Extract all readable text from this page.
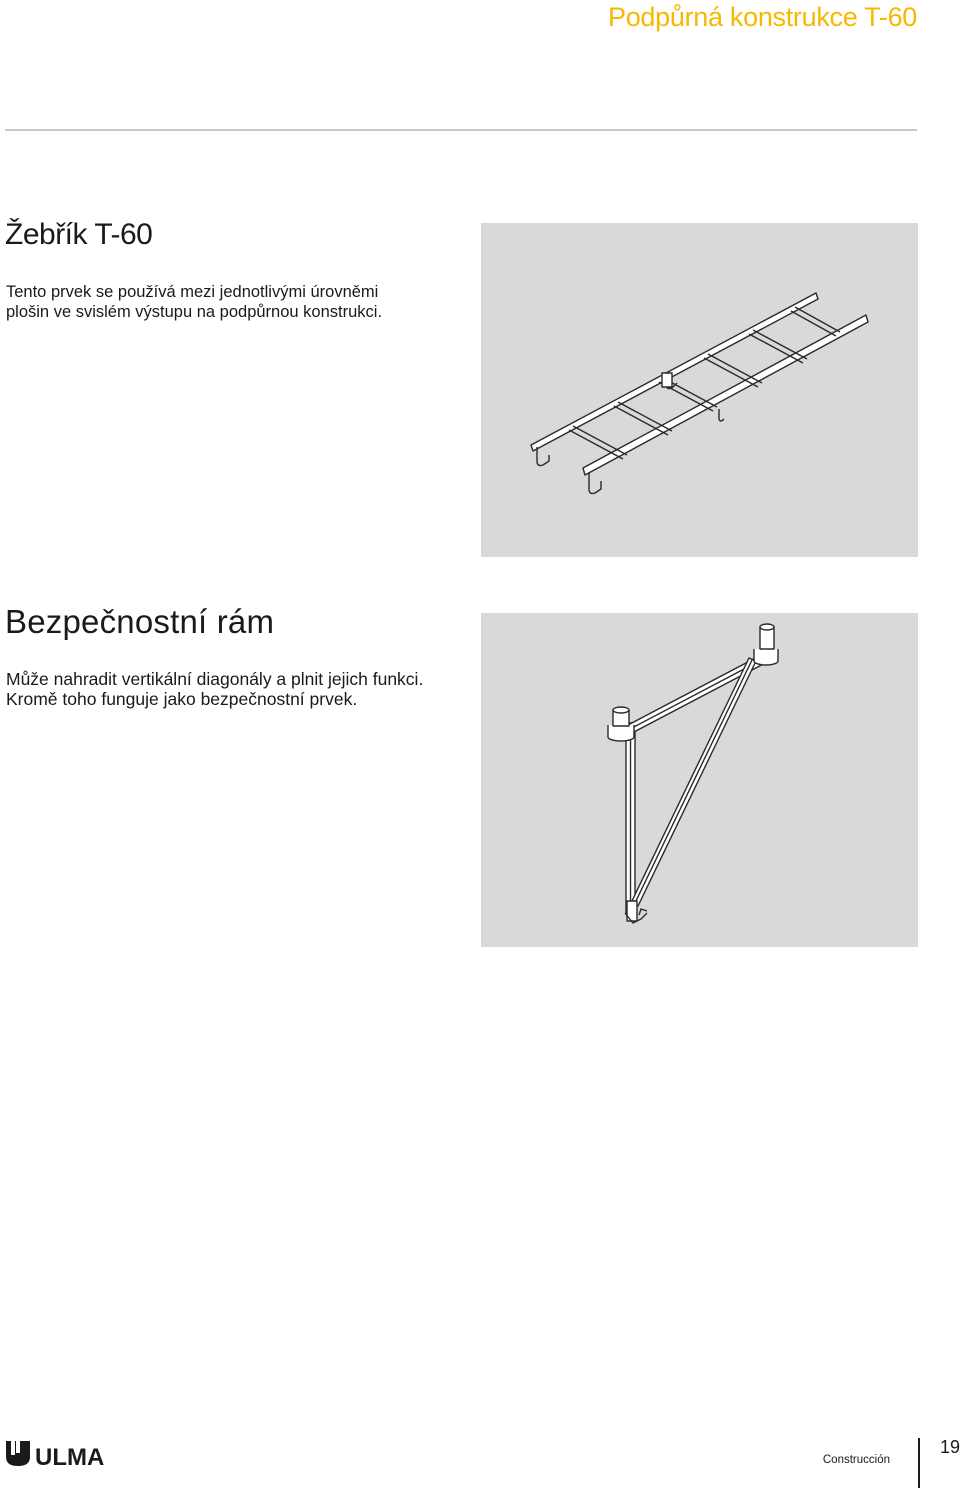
Podpůrná konstrukce T-60
Žebřík T-60

Tento prvek se používá mezi jednotlivými úrovněmi
plošin ve svislém výstupu na podpůrnou konstrukci.

Bezpečnostní rám

Může nahradit vertikální diagonály a plnit jejich funkci.
Kromě toho funguje jako bezpečnostní prvek.

ULMA	Construcción
19
